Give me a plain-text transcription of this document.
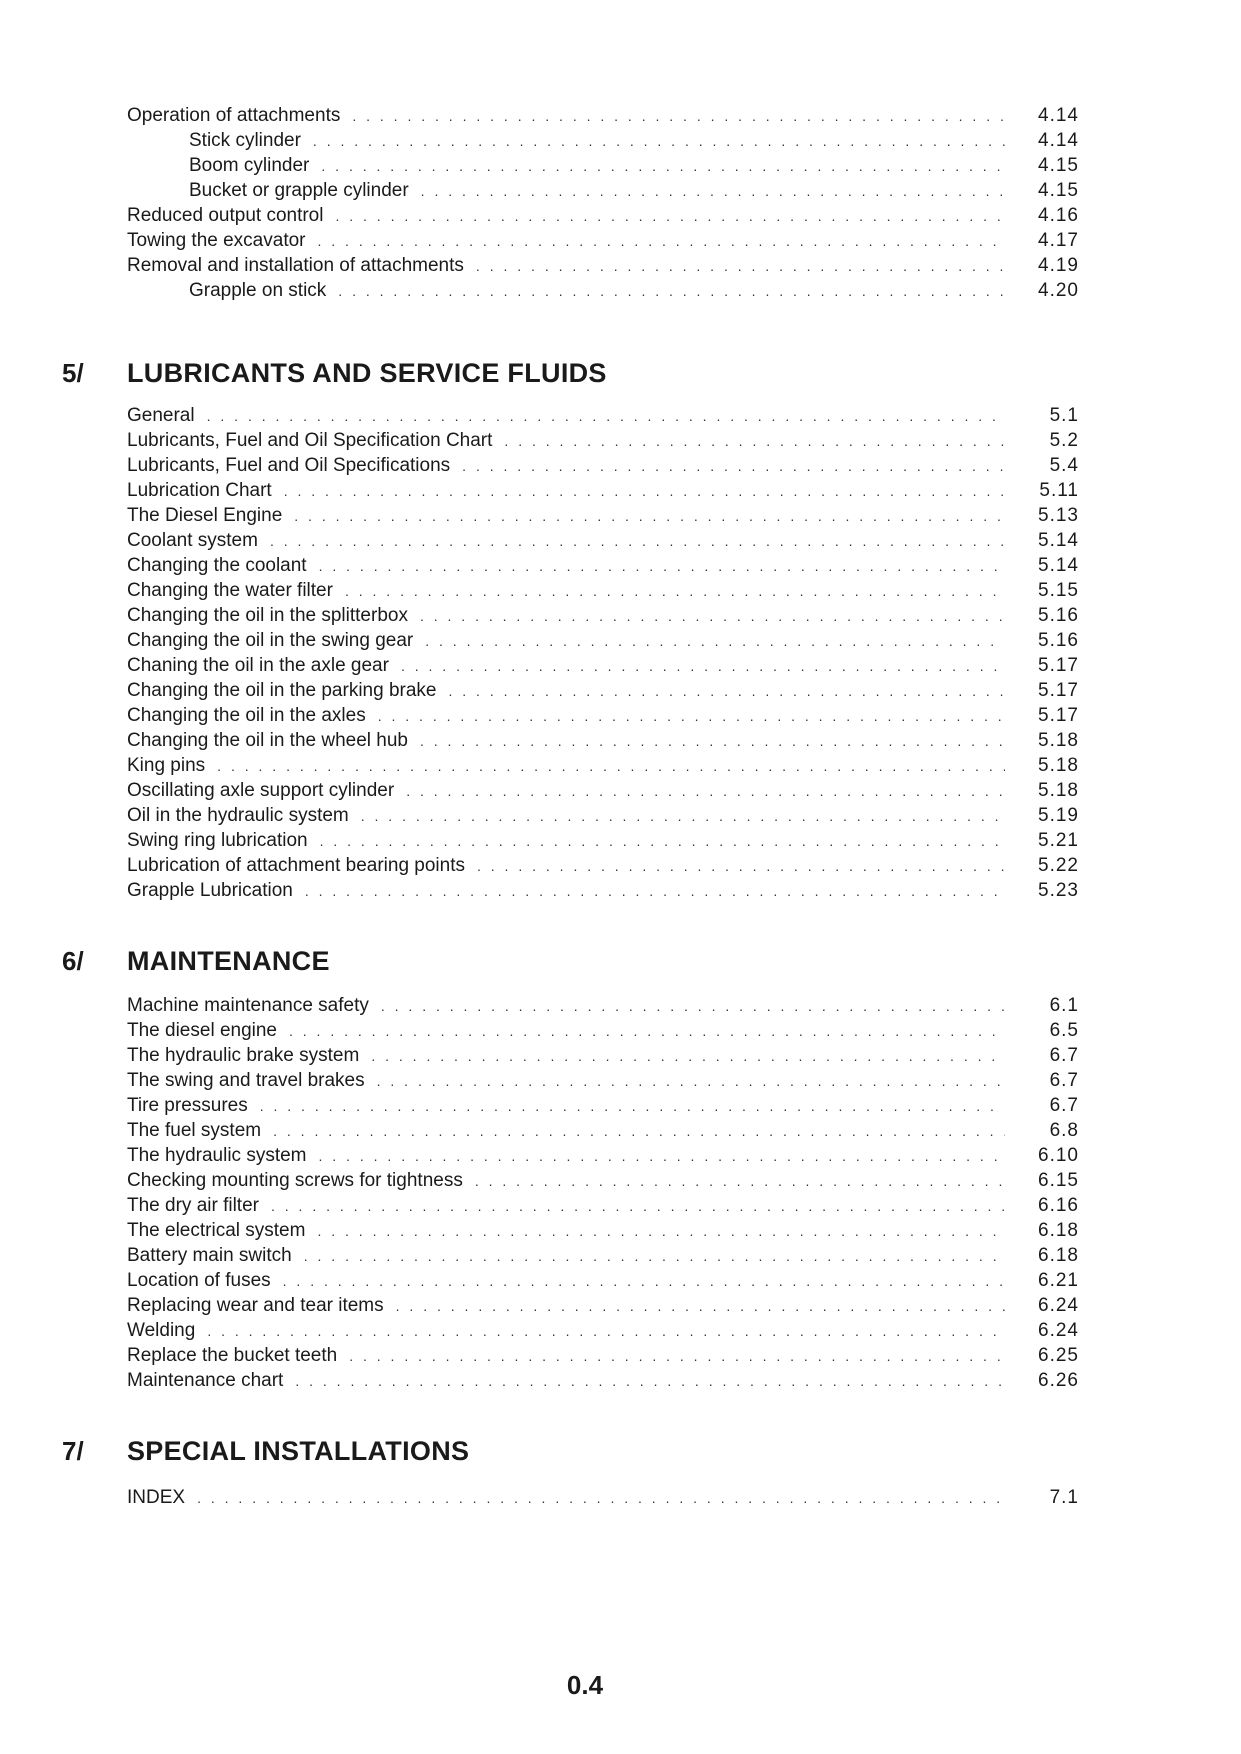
Operation of attachments . . .	4.14
Stick cylinder . . .	4.14
Boom cylinder . . .	4.15
Bucket or grapple cylinder . . .	4.15
Reduced output control . . .	4.16
Towing the excavator . . .	4.17
Removal and installation of attachments . . .	4.19
Grapple on stick . . .	4.20
5/	LUBRICANTS AND SERVICE FLUIDS
General . . .	5.1
Lubricants, Fuel and Oil Specification Chart . . .	5.2
Lubricants, Fuel and Oil Specifications . . .	5.4
Lubrication Chart . . .	5.11
The Diesel Engine . . .	5.13
Coolant system . . .	5.14
Changing the coolant . . .	5.14
Changing the water filter . . .	5.15
Changing the oil in the splitterbox . . .	5.16
Changing the oil in the swing gear . . .	5.16
Chaning the oil in the axle gear . . .	5.17
Changing the oil in the parking brake . . .	5.17
Changing the oil in the axles . . .	5.17
Changing the oil in the wheel hub . . .	5.18
King pins . . .	5.18
Oscillating axle support cylinder . . .	5.18
Oil in the hydraulic system . . .	5.19
Swing ring lubrication . . .	5.21
Lubrication of attachment bearing points . . .	5.22
Grapple Lubrication . . .	5.23
6/	MAINTENANCE
Machine maintenance safety . . .	6.1
The diesel engine . . .	6.5
The hydraulic brake system . . .	6.7
The swing and travel brakes . . .	6.7
Tire pressures . . .	6.7
The fuel system . . .	6.8
The hydraulic system . . .	6.10
Checking mounting screws for tightness . . .	6.15
The dry air filter . . .	6.16
The electrical system . . .	6.18
Battery main switch . . .	6.18
Location of fuses . . .	6.21
Replacing wear and tear items . . .	6.24
Welding . . .	6.24
Replace the bucket teeth . . .	6.25
Maintenance chart . . .	6.26
7/	SPECIAL INSTALLATIONS
INDEX . . .	7.1
0.4
